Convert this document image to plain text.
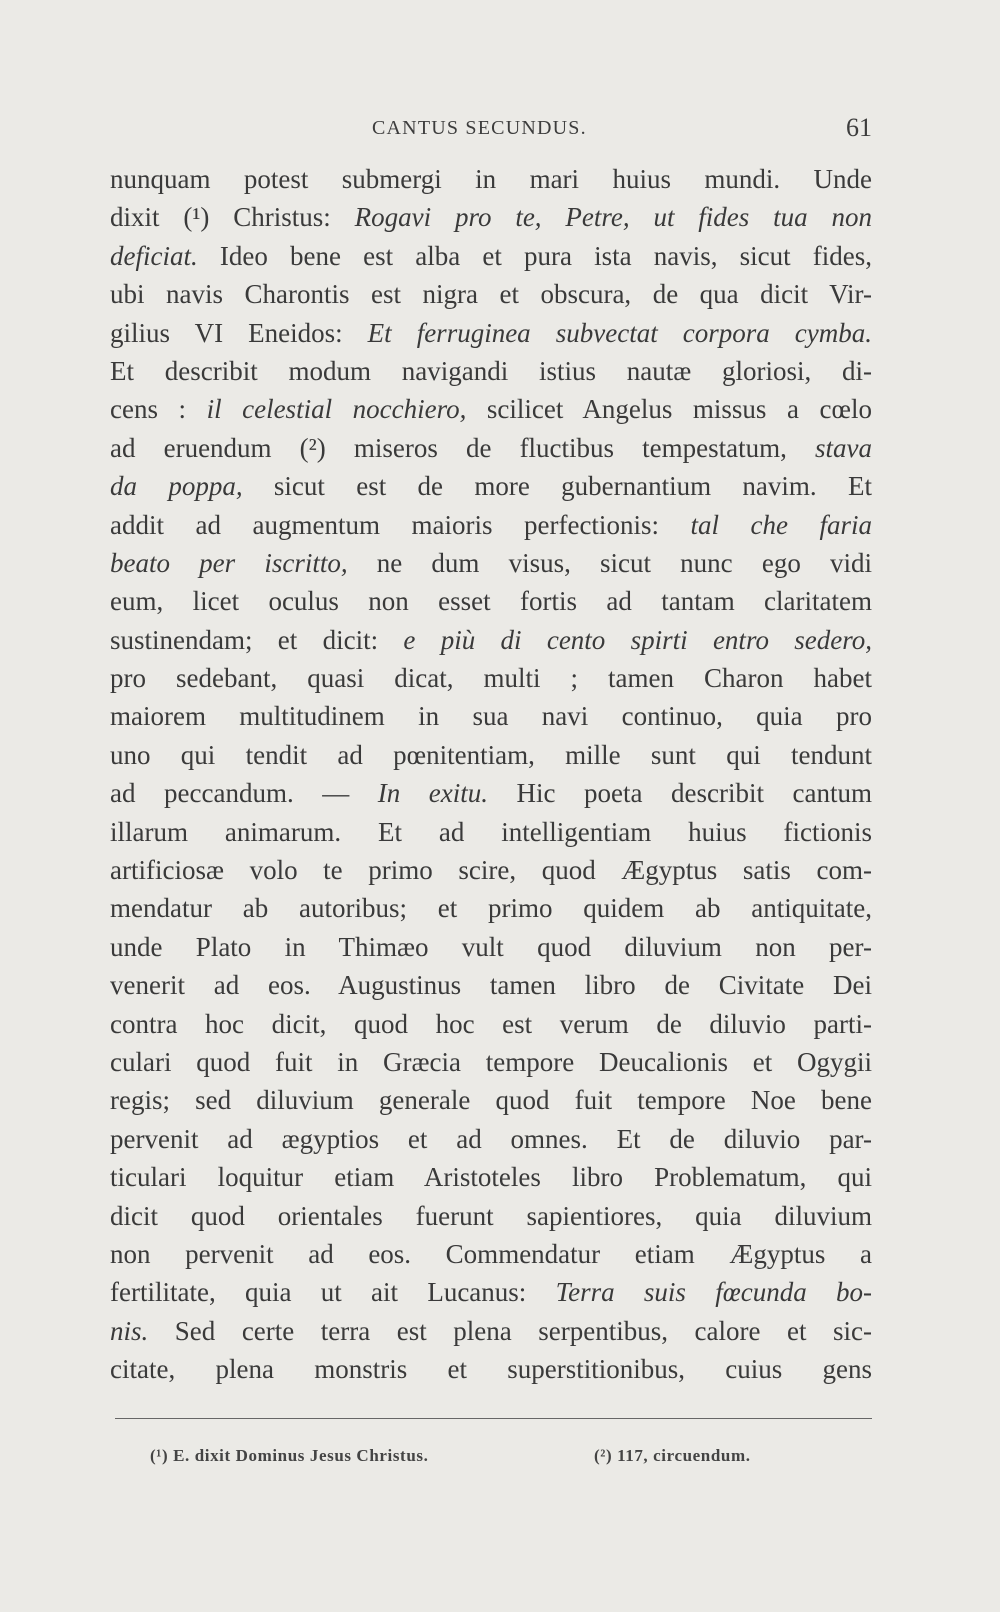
CANTUS SECUNDUS.	61
nunquam potest submergi in mari huius mundi. Unde
dixit (¹) Christus: Rogavi pro te, Petre, ut fides tua non
deficiat. Ideo bene est alba et pura ista navis, sicut fides,
ubi navis Charontis est nigra et obscura, de qua dicit Vir-
gilius VI Eneidos: Et ferruginea subvectat corpora cymba.
Et describit modum navigandi istius nautæ gloriosi, di-
cens : il celestial nocchiero, scilicet Angelus missus a cœlo
ad eruendum (²) miseros de fluctibus tempestatum, stava
da poppa, sicut est de more gubernantium navim. Et
addit ad augmentum maioris perfectionis: tal che faria
beato per iscritto, ne dum visus, sicut nunc ego vidi
eum, licet oculus non esset fortis ad tantam claritatem
sustinendam; et dicit: e più di cento spirti entro sedero,
pro sedebant, quasi dicat, multi ; tamen Charon habet
maiorem multitudinem in sua navi continuo, quia pro
uno qui tendit ad pœnitentiam, mille sunt qui tendunt
ad peccandum. — In exitu. Hic poeta describit cantum
illarum animarum. Et ad intelligentiam huius fictionis
artificiosæ volo te primo scire, quod Ægyptus satis com-
mendatur ab autoribus; et primo quidem ab antiquitate,
unde Plato in Thimæo vult quod diluvium non per-
venerit ad eos. Augustinus tamen libro de Civitate Dei
contra hoc dicit, quod hoc est verum de diluvio parti-
culari quod fuit in Græcia tempore Deucalionis et Ogygii
regis; sed diluvium generale quod fuit tempore Noe bene
pervenit ad ægyptios et ad omnes. Et de diluvio par-
ticulari loquitur etiam Aristoteles libro Problematum, qui
dicit quod orientales fuerunt sapientiores, quia diluvium
non pervenit ad eos. Commendatur etiam Ægyptus a
fertilitate, quia ut ait Lucanus: Terra suis fœcunda bo-
nis. Sed certe terra est plena serpentibus, calore et sic-
citate, plena monstris et superstitionibus, cuius gens
(¹) E. dixit Dominus Jesus Christus.	(²) 117, circuendum.
